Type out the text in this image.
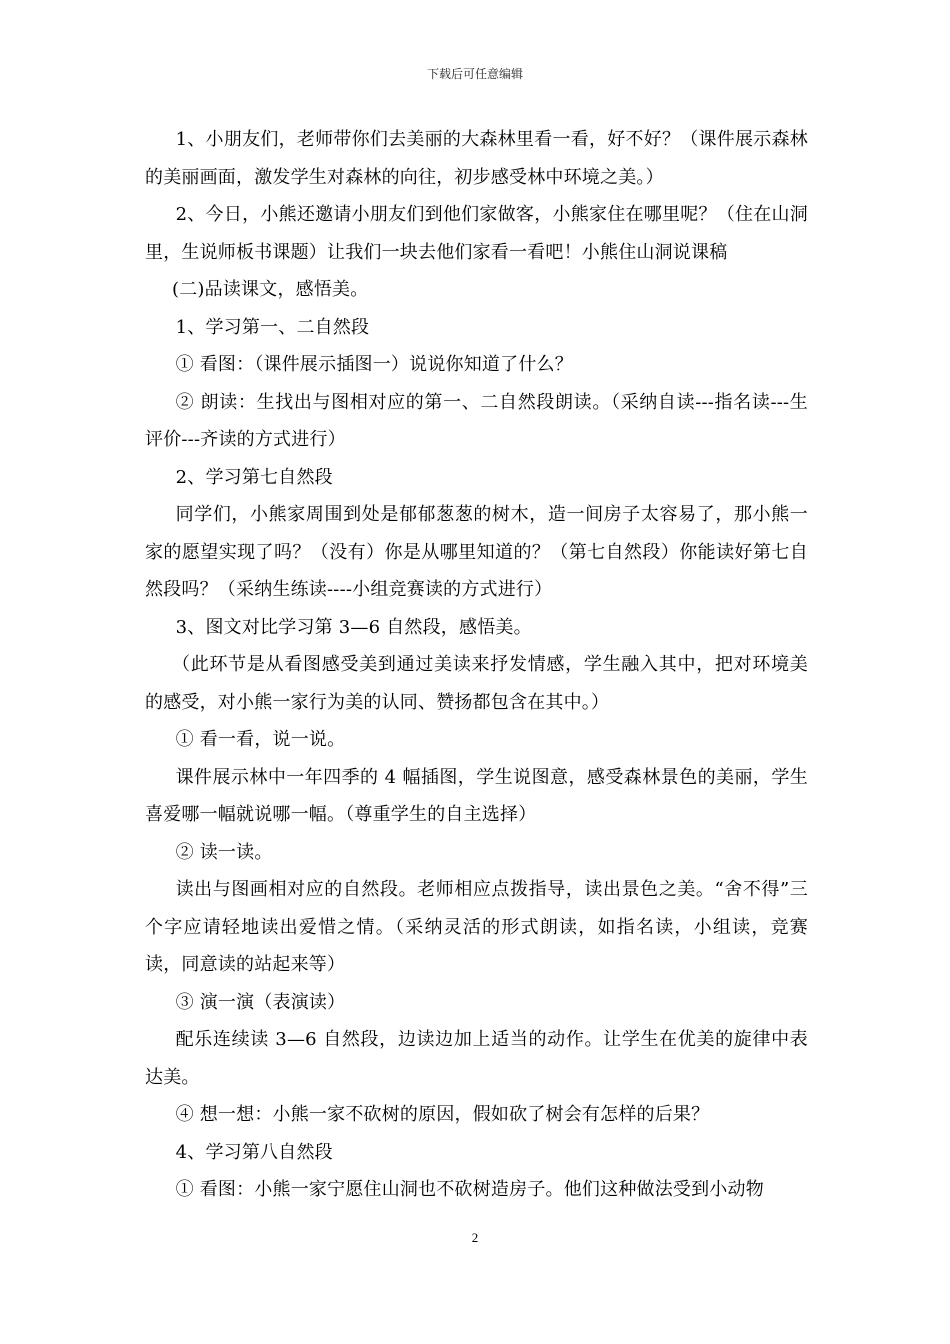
下载后可任意编辑

1、小朋友们，老师带你们去美丽的大森林里看一看，好不好？（课件展示森林的美丽画面，激发学生对森林的向往，初步感受林中环境之美。）

2、今日，小熊还邀请小朋友们到他们家做客，小熊家住在哪里呢？（住在山洞里，生说师板书课题）让我们一块去他们家看一看吧！小熊住山洞说课稿

(二)品读课文，感悟美。

1、学习第一、二自然段

① 看图：（课件展示插图一）说说你知道了什么？

② 朗读：生找出与图相对应的第一、二自然段朗读。（采纳自读---指名读---生评价---齐读的方式进行）

2、学习第七自然段

同学们，小熊家周围到处是郁郁葱葱的树木，造一间房子太容易了，那小熊一家的愿望实现了吗？（没有）你是从哪里知道的？（第七自然段）你能读好第七自然段吗？（采纳生练读----小组竞赛读的方式进行）

3、图文对比学习第 3—6 自然段，感悟美。

（此环节是从看图感受美到通过美读来抒发情感，学生融入其中，把对环境美的感受，对小熊一家行为美的认同、赞扬都包含在其中。）

① 看一看，说一说。

课件展示林中一年四季的 4 幅插图，学生说图意，感受森林景色的美丽，学生喜爱哪一幅就说哪一幅。（尊重学生的自主选择）

② 读一读。

读出与图画相对应的自然段。老师相应点拨指导，读出景色之美。“舍不得”三个字应请轻地读出爱惜之情。（采纳灵活的形式朗读，如指名读，小组读，竞赛读，同意读的站起来等）

③ 演一演（表演读）

配乐连续读 3—6 自然段，边读边加上适当的动作。让学生在优美的旋律中表达美。

④ 想一想：小熊一家不砍树的原因，假如砍了树会有怎样的后果？

4、学习第八自然段

① 看图：小熊一家宁愿住山洞也不砍树造房子。他们这种做法受到小动物

2
